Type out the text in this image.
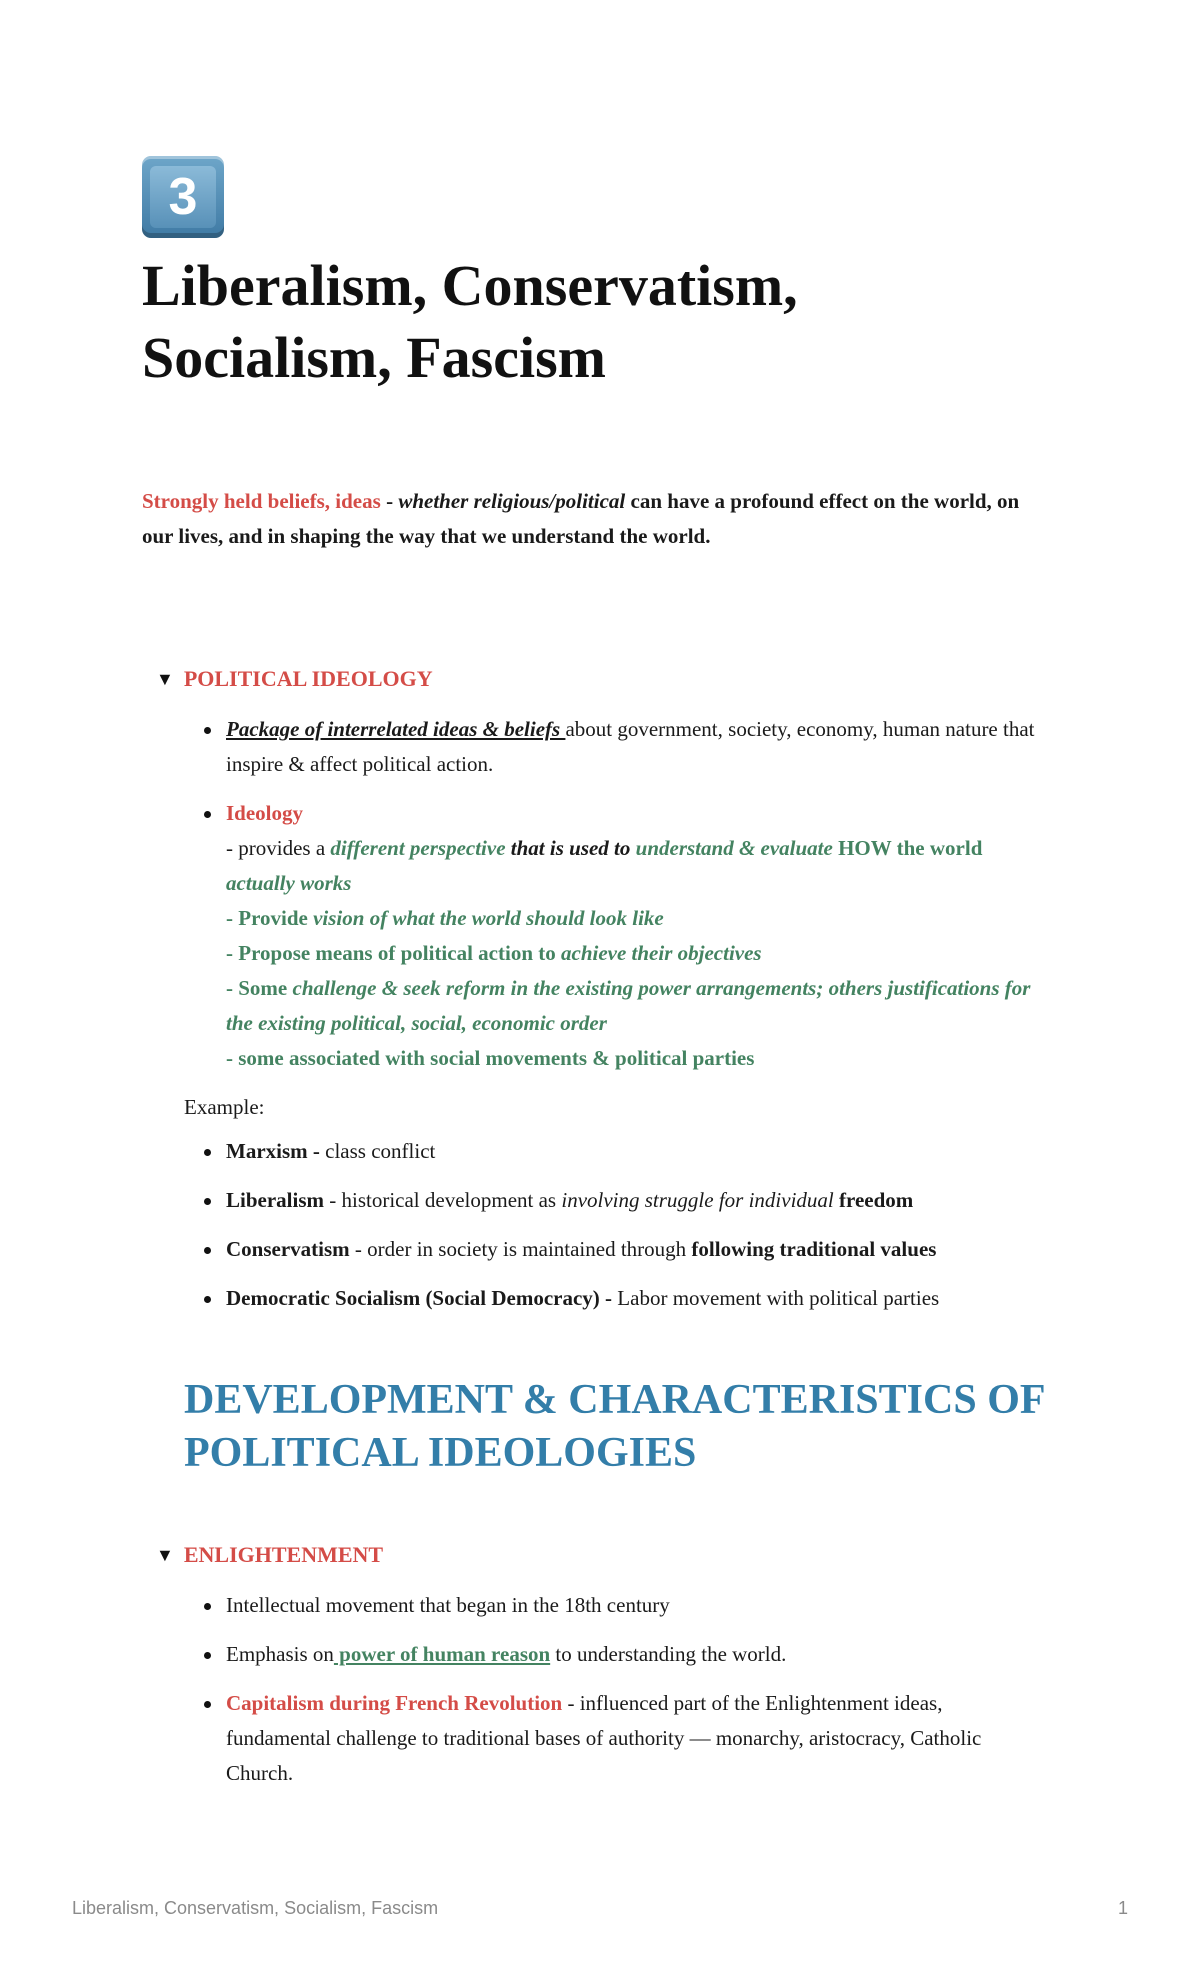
3
Liberalism, Conservatism, Socialism, Fascism

Strongly held beliefs, ideas - whether religious/political can have a profound effect on the world, on our lives, and in shaping the way that we understand the world.

▼ POLITICAL IDEOLOGY
Package of interrelated ideas & beliefs about government, society, economy, human nature that inspire & affect political action.
Ideology
- provides a different perspective that is used to understand & evaluate HOW the world actually works
- Provide vision of what the world should look like
- Propose means of political action to achieve their objectives
- Some challenge & seek reform in the existing power arrangements; others justifications for the existing political, social, economic order
- some associated with social movements & political parties
Example:
Marxism - class conflict
Liberalism - historical development as involving struggle for individual freedom
Conservatism - order in society is maintained through following traditional values
Democratic Socialism (Social Democracy) - Labor movement with political parties
DEVELOPMENT & CHARACTERISTICS OF POLITICAL IDEOLOGIES
▼ ENLIGHTENMENT
Intellectual movement that began in the 18th century
Emphasis on power of human reason to understanding the world.
Capitalism during French Revolution - influenced part of the Enlightenment ideas, fundamental challenge to traditional bases of authority — monarchy, aristocracy, Catholic Church.
Liberalism, Conservatism, Socialism, Fascism	1
